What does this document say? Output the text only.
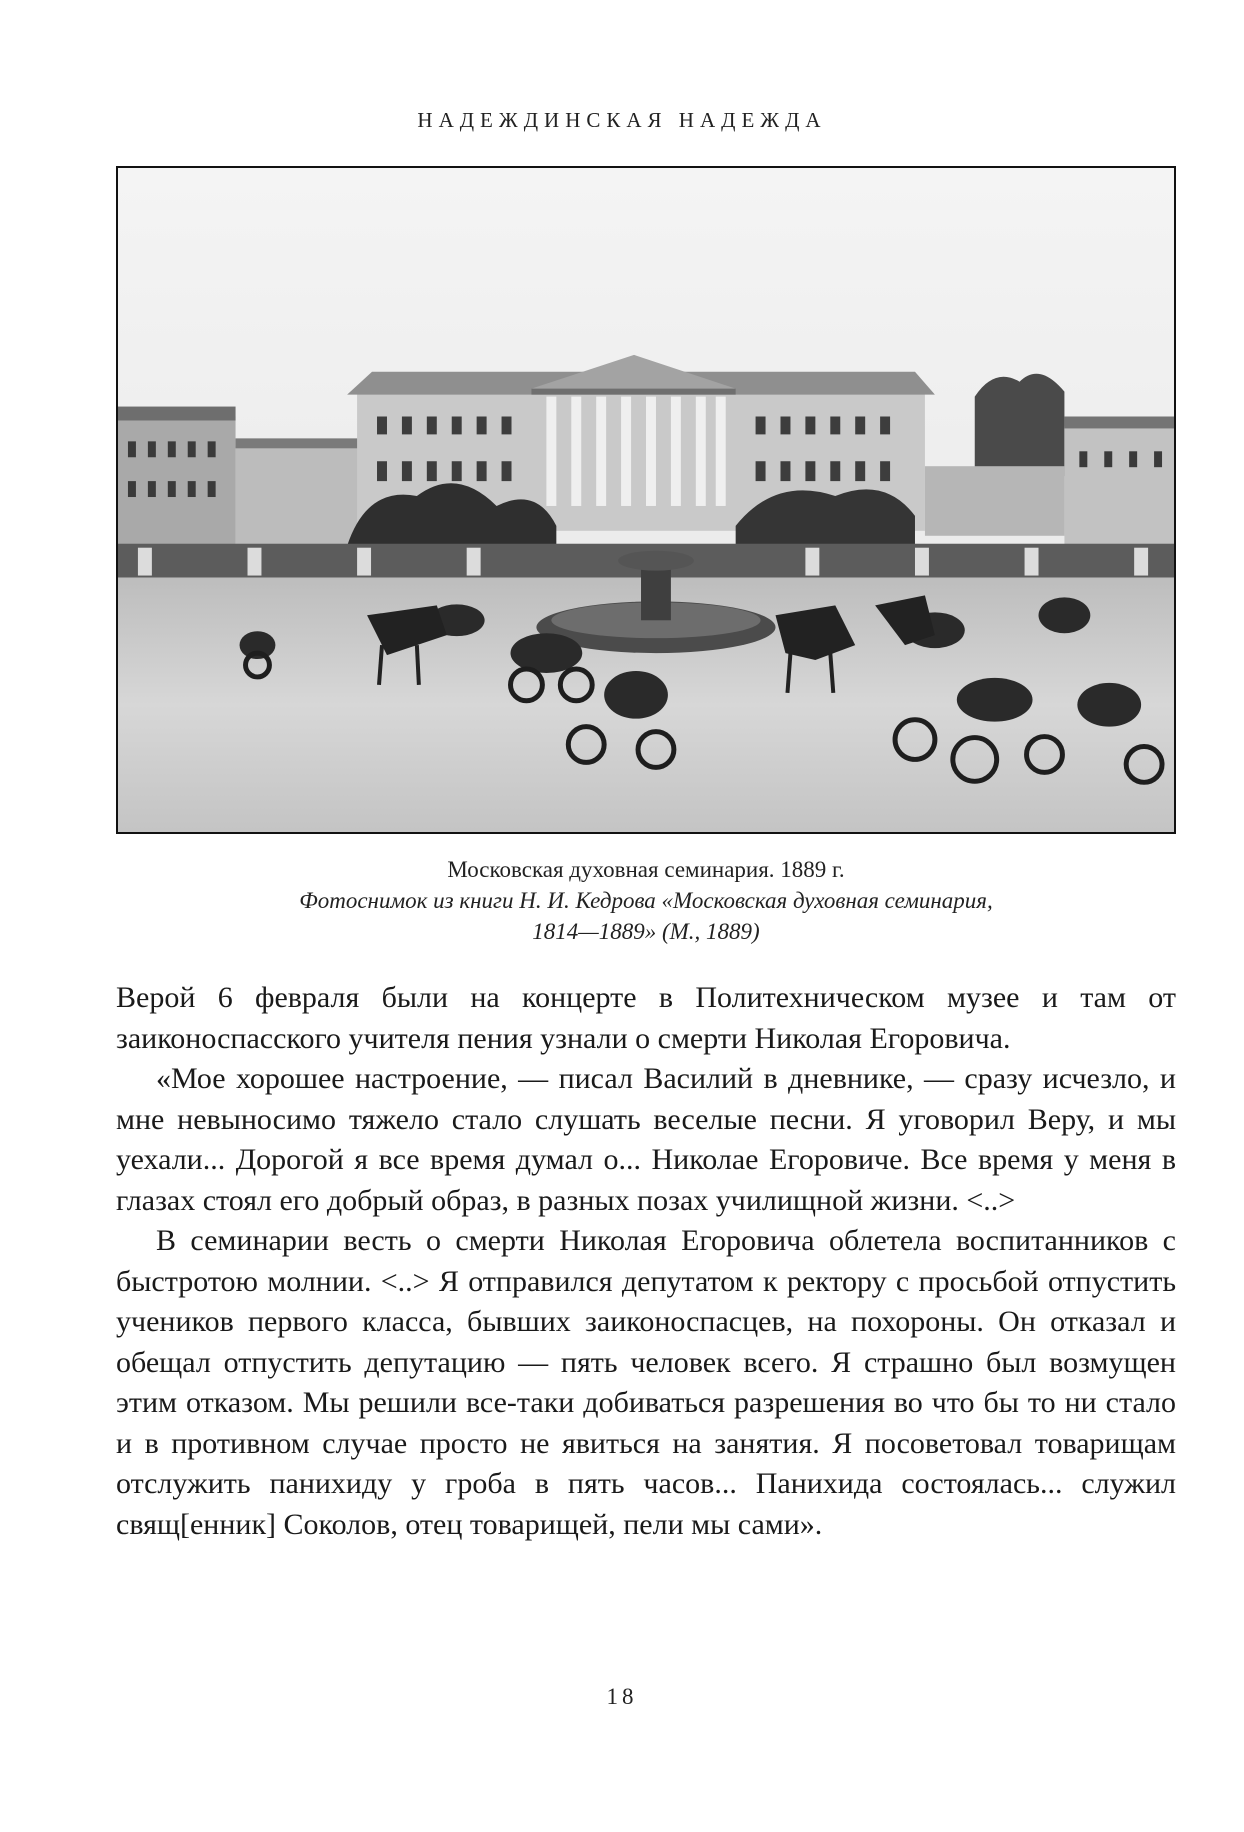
НАДЕЖДИНСКАЯ НАДЕЖДА
Московская духовная семинария. 1889 г.
Фотоснимок из книги Н. И. Кедрова «Московская духовная семинария,
1814—1889» (М., 1889)

Верой 6 февраля были на концерте в Политехническом музее и там от заиконоспасского учителя пения узнали о смерти Николая Егоровича.

«Мое хорошее настроение, — писал Василий в дневнике, — сразу исчезло, и мне невыносимо тяжело стало слушать веселые песни. Я уговорил Веру, и мы уехали... Дорогой я все время думал о... Николае Егоровиче. Все время у меня в глазах стоял его добрый образ, в разных позах училищной жизни. <..>

В семинарии весть о смерти Николая Егоровича облетела воспитанников с быстротою молнии. <..> Я отправился депутатом к ректору с просьбой отпустить учеников первого класса, бывших заиконоспасцев, на похороны. Он отказал и обещал отпустить депутацию — пять человек всего. Я страшно был возмущен этим отказом. Мы решили все-таки добиваться разрешения во что бы то ни стало и в противном случае просто не явиться на занятия. Я посоветовал товарищам отслужить панихиду у гроба в пять часов... Панихида состоялась... служил свящ[енник] Соколов, отец товарищей, пели мы сами».

18
